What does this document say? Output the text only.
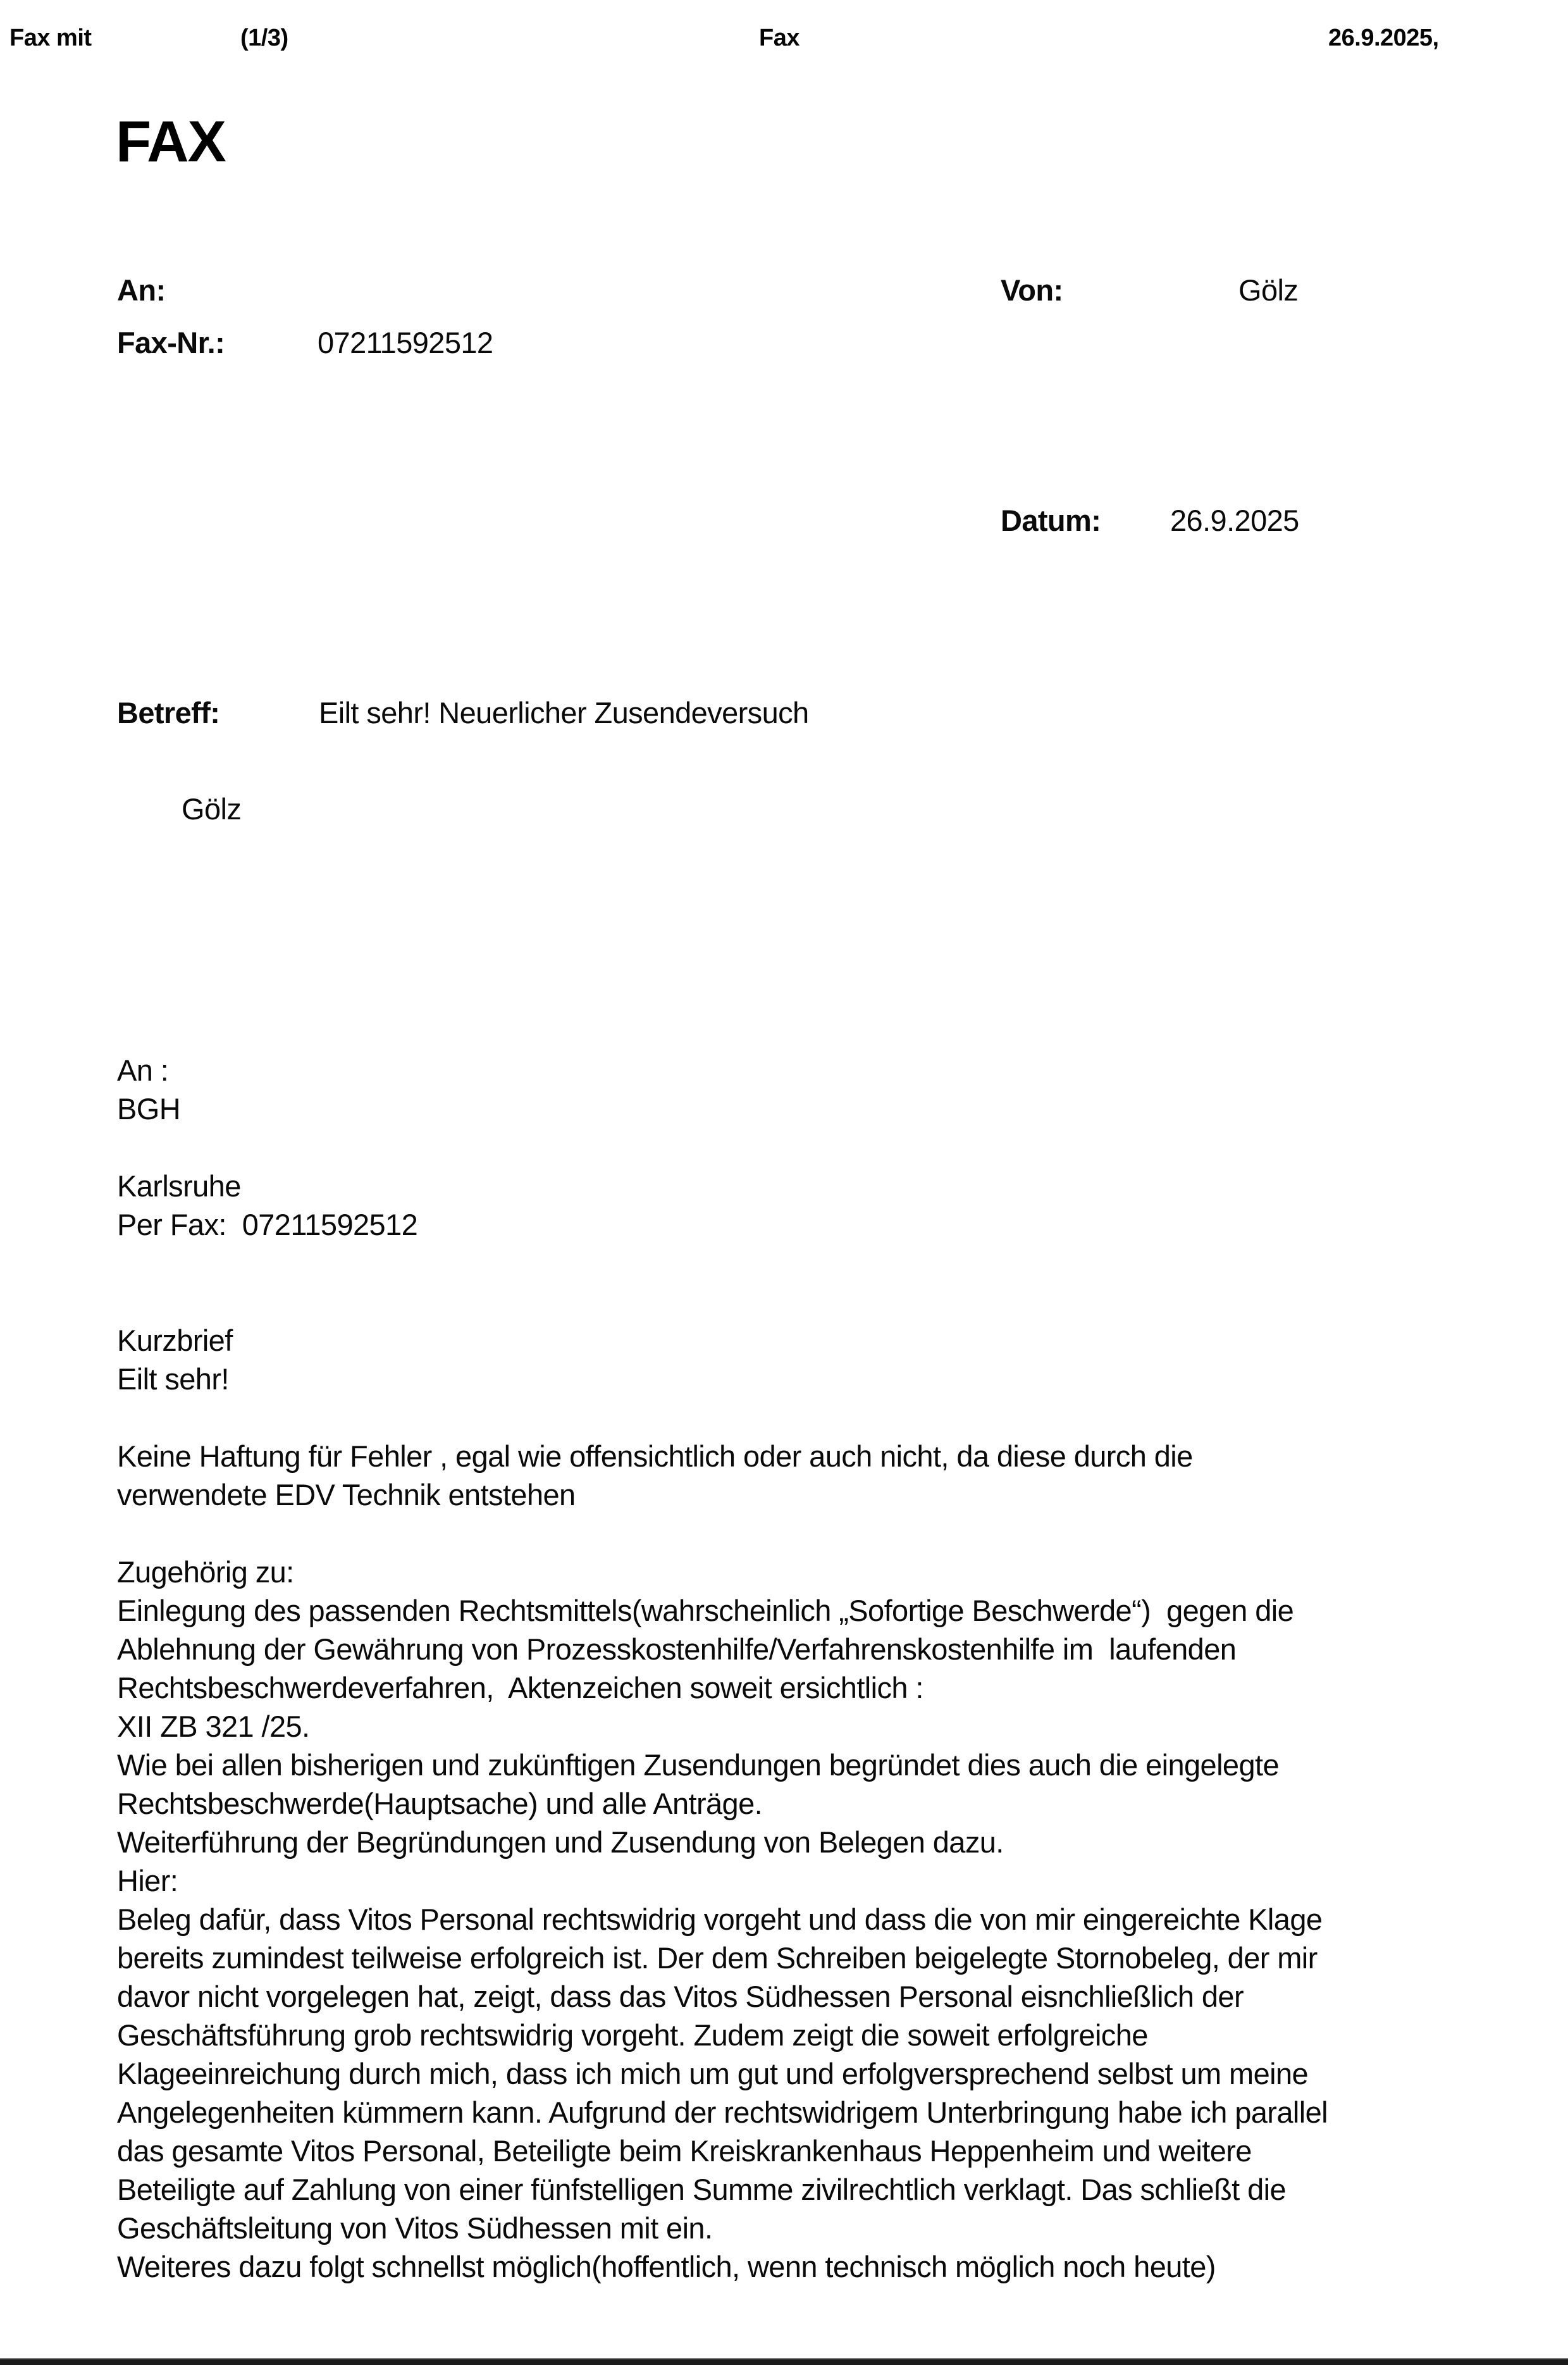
Fax mit	(1/3)	Fax	26.9.2025,
FAX
An:	Von:	Gölz
Fax-Nr.:	07211592512
Datum: 26.9.2025
Betreff:	Eilt sehr! Neuerlicher Zusendeversuch
Gölz

An :
BGH
Karlsruhe
Per Fax:  07211592512
Kurzbrief
Eilt sehr!
Keine Haftung für Fehler , egal wie offensichtlich oder auch nicht, da diese durch die
verwendete EDV Technik entstehen
Zugehörig zu:
Einlegung des passenden Rechtsmittels(wahrscheinlich „Sofortige Beschwerde“)  gegen die
Ablehnung der Gewährung von Prozesskostenhilfe/Verfahrenskostenhilfe im  laufenden
Rechtsbeschwerdeverfahren,  Aktenzeichen soweit ersichtlich :
XII ZB 321 /25.
Wie bei allen bisherigen und zukünftigen Zusendungen begründet dies auch die eingelegte
Rechtsbeschwerde(Hauptsache) und alle Anträge.
Weiterführung der Begründungen und Zusendung von Belegen dazu.
Hier:
Beleg dafür, dass Vitos Personal rechtswidrig vorgeht und dass die von mir eingereichte Klage
bereits zumindest teilweise erfolgreich ist. Der dem Schreiben beigelegte Stornobeleg, der mir
davor nicht vorgelegen hat, zeigt, dass das Vitos Südhessen Personal eisnchließlich der
Geschäftsführung grob rechtswidrig vorgeht. Zudem zeigt die soweit erfolgreiche
Klageeinreichung durch mich, dass ich mich um gut und erfolgversprechend selbst um meine
Angelegenheiten kümmern kann. Aufgrund der rechtswidrigem Unterbringung habe ich parallel
das gesamte Vitos Personal, Beteiligte beim Kreiskrankenhaus Heppenheim und weitere
Beteiligte auf Zahlung von einer fünfstelligen Summe zivilrechtlich verklagt. Das schließt die
Geschäftsleitung von Vitos Südhessen mit ein.
Weiteres dazu folgt schnellst möglich(hoffentlich, wenn technisch möglich noch heute)
